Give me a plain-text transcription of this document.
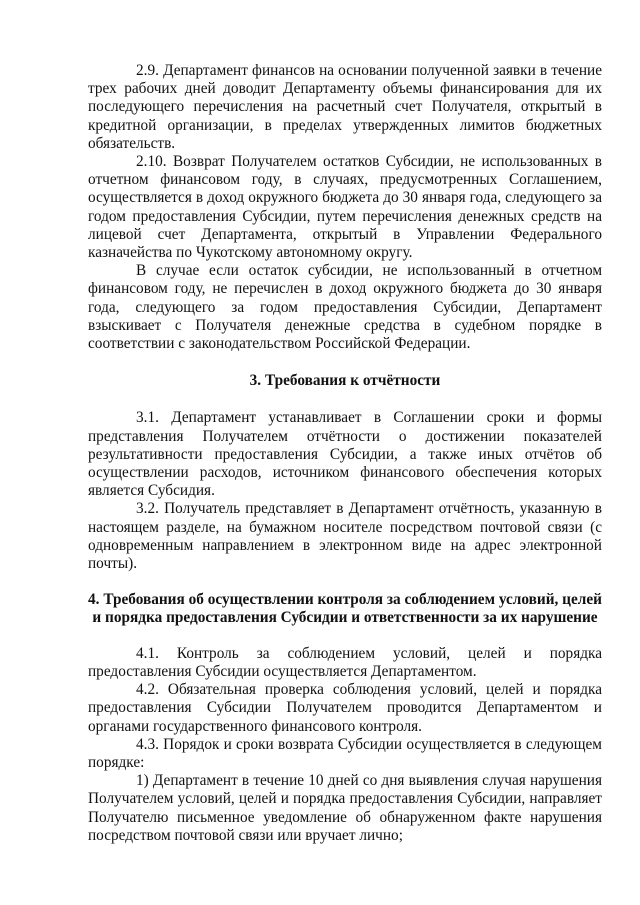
2.9. Департамент финансов на основании полученной заявки в течение трех рабочих дней доводит Департаменту объемы финансирования для их последующего перечисления на расчетный счет Получателя, открытый в кредитной организации, в пределах утвержденных лимитов бюджетных обязательств.

2.10. Возврат Получателем остатков Субсидии, не использованных в отчетном финансовом году, в случаях, предусмотренных Соглашением, осуществляется в доход окружного бюджета до 30 января года, следующего за годом предоставления Субсидии, путем перечисления денежных средств на лицевой счет Департамента, открытый в Управлении Федерального казначейства по Чукотскому автономному округу.

В случае если остаток субсидии, не использованный в отчетном финансовом году, не перечислен в доход окружного бюджета до 30 января года, следующего за годом предоставления Субсидии, Департамент взыскивает с Получателя денежные средства в судебном порядке в соответствии с законодательством Российской Федерации.

3. Требования к отчётности

3.1. Департамент устанавливает в Соглашении сроки и формы представления Получателем отчётности о достижении показателей результативности предоставления Субсидии, а также иных отчётов об осуществлении расходов, источником финансового обеспечения которых является Субсидия.

3.2. Получатель представляет в Департамент отчётность, указанную в настоящем разделе, на бумажном носителе посредством почтовой связи (с одновременным направлением в электронном виде на адрес электронной почты).

4. Требования об осуществлении контроля за соблюдением условий, целей
и порядка предоставления Субсидии и ответственности за их нарушение

4.1. Контроль за соблюдением условий, целей и порядка предоставления Субсидии осуществляется Департаментом.

4.2. Обязательная проверка соблюдения условий, целей и порядка предоставления Субсидии Получателем проводится Департаментом и органами государственного финансового контроля.

4.3. Порядок и сроки возврата Субсидии осуществляется в следующем порядке:

1) Департамент в течение 10 дней со дня выявления случая нарушения Получателем условий, целей и порядка предоставления Субсидии, направляет Получателю письменное уведомление об обнаруженном факте нарушения посредством почтовой связи или вручает лично;
